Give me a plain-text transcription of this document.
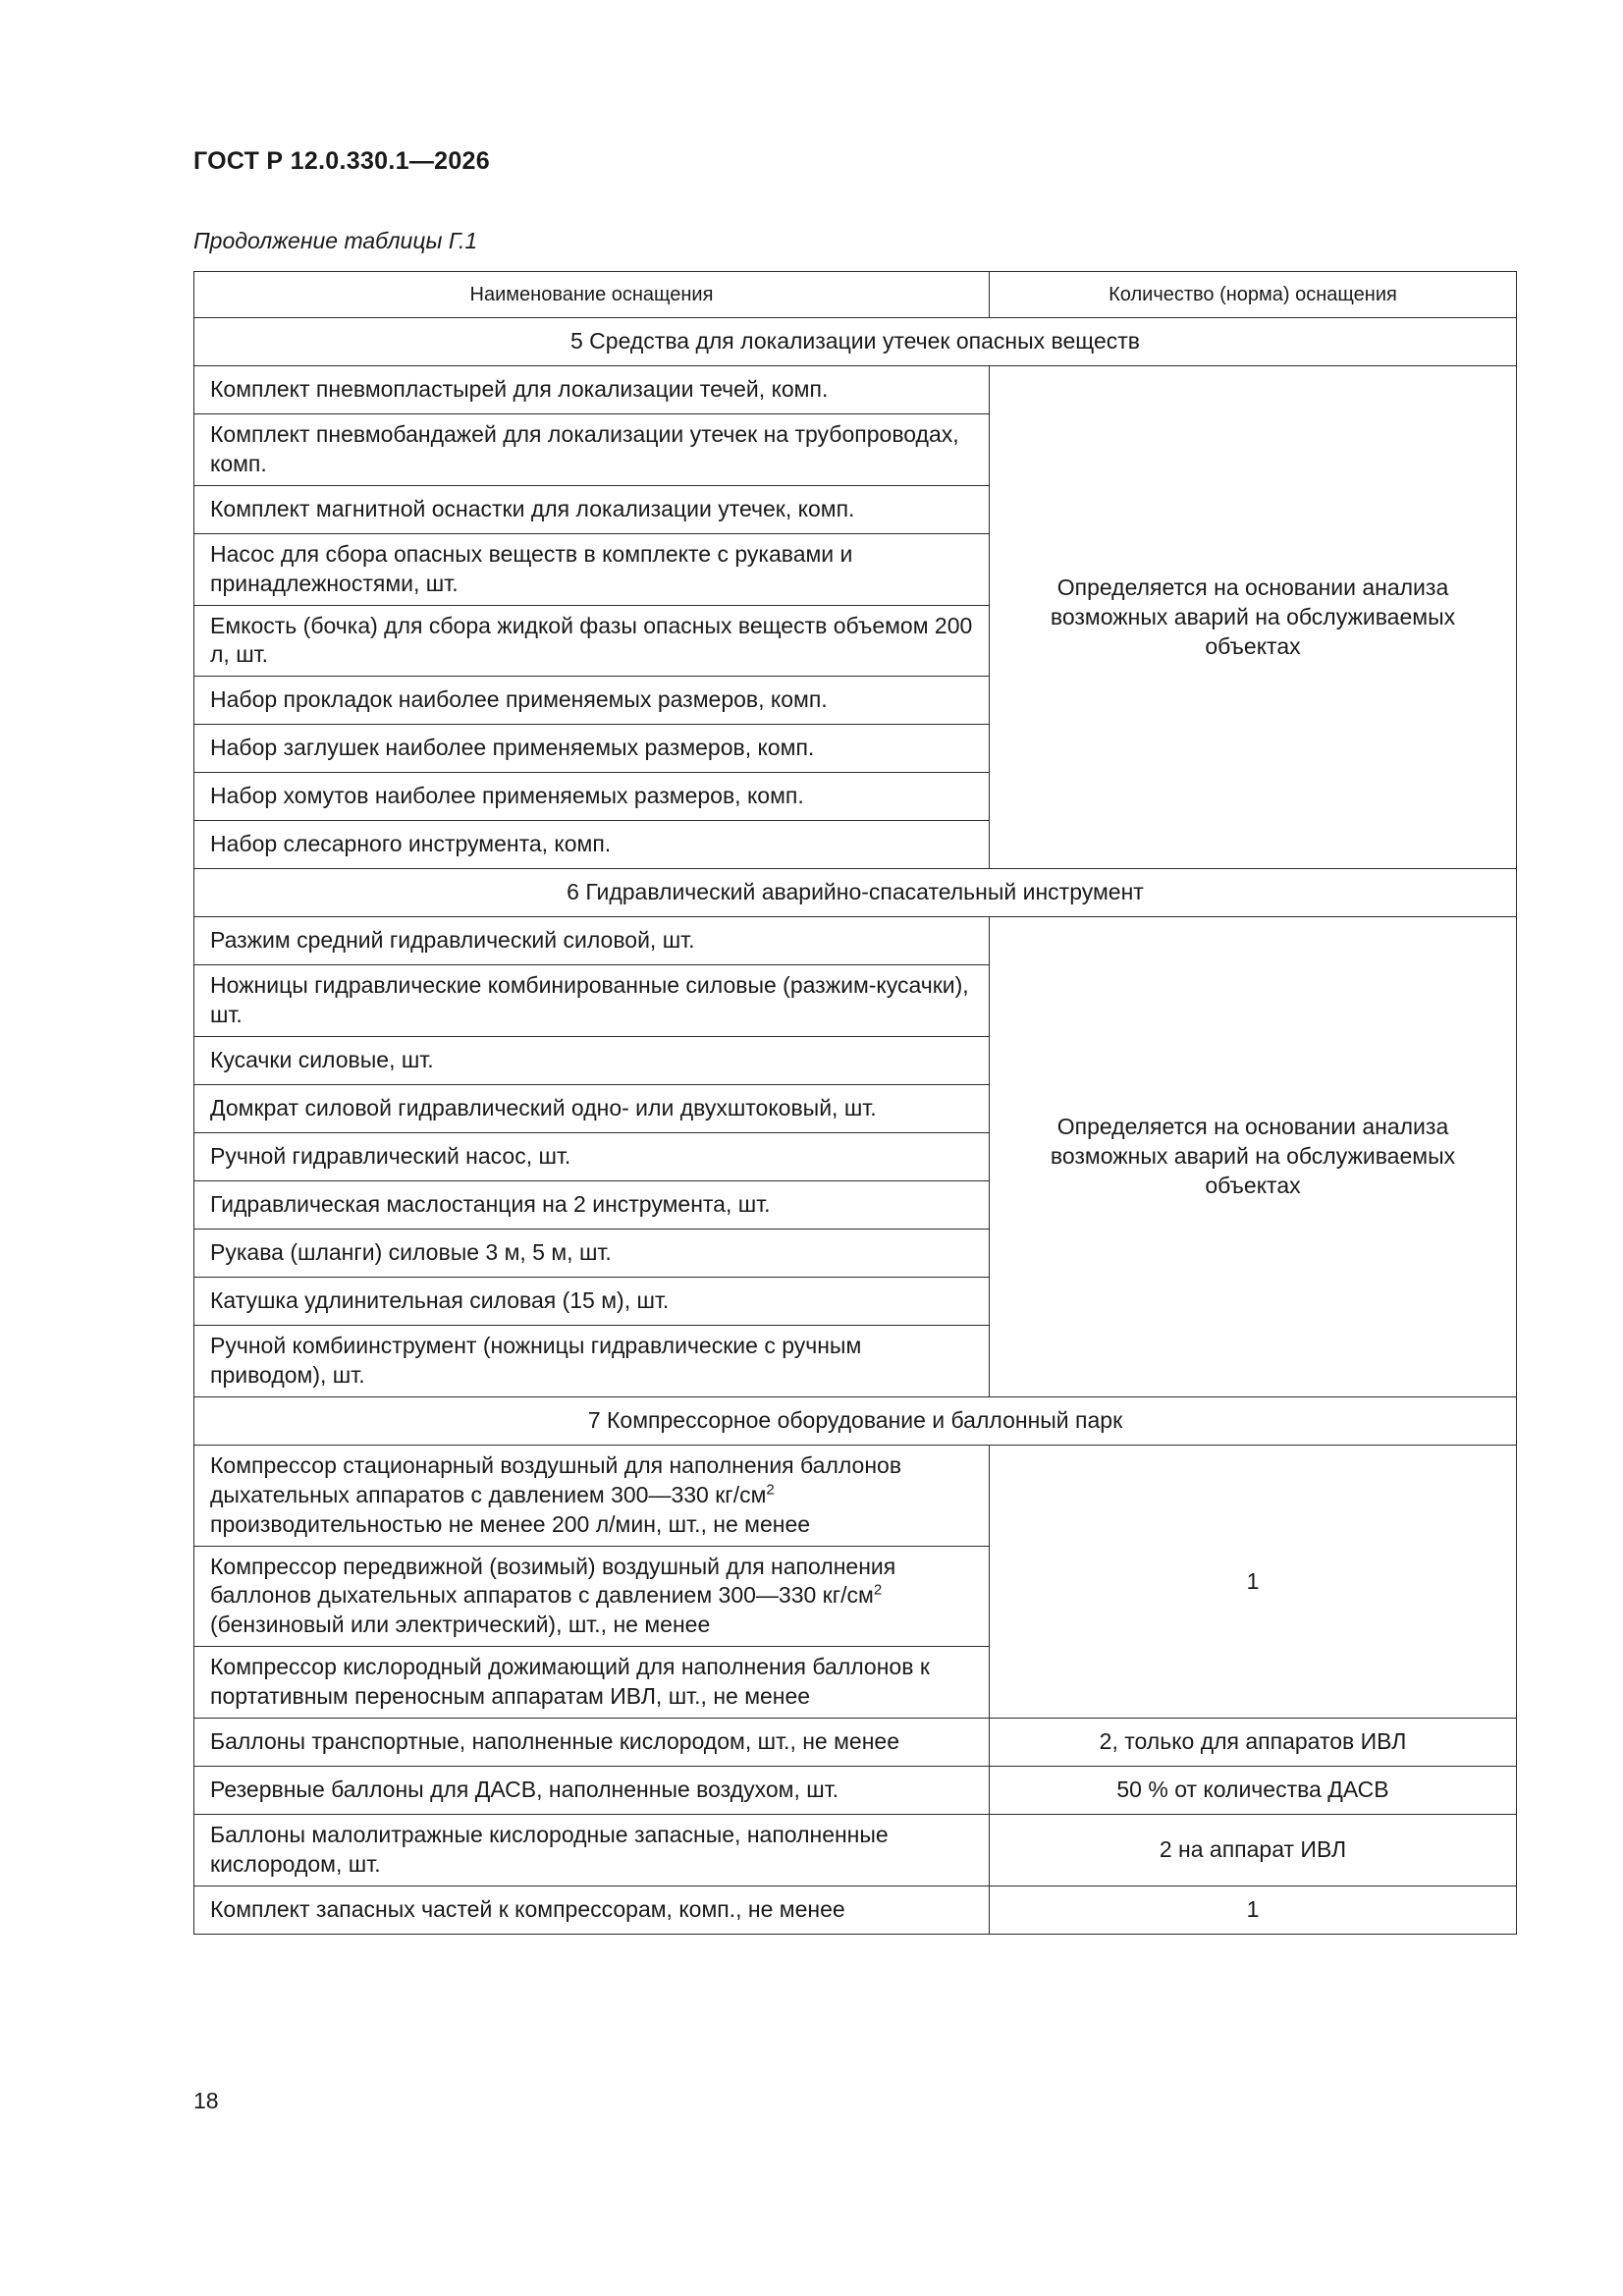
ГОСТ Р 12.0.330.1—2026
Продолжение таблицы Г.1
Наименование оснащения	Количество (норма) оснащения
5 Средства для локализации утечек опасных веществ	
Комплект пневмопластырей для локализации течей, комп.	Определяется на основании анализа возможных аварий на обслуживаемых объектах
Комплект пневмобандажей для локализации утечек на трубопроводах, комп.	
Комплект магнитной оснастки для локализации утечек, комп.	
Насос для сбора опасных веществ в комплекте с рукавами и принадлежностями, шт.	
Емкость (бочка) для сбора жидкой фазы опасных веществ объемом 200 л, шт.	
Набор прокладок наиболее применяемых размеров, комп.	
Набор заглушек наиболее применяемых размеров, комп.	
Набор хомутов наиболее применяемых размеров, комп.	
Набор слесарного инструмента, комп.	
6 Гидравлический аварийно-спасательный инструмент	
Разжим средний гидравлический силовой, шт.	Определяется на основании анализа возможных аварий на обслуживаемых объектах
Ножницы гидравлические комбинированные силовые (разжим-кусачки), шт.	
Кусачки силовые, шт.	
Домкрат силовой гидравлический одно- или двухштоковый, шт.	
Ручной гидравлический насос, шт.	
Гидравлическая маслостанция на 2 инструмента, шт.	
Рукава (шланги) силовые 3 м, 5 м, шт.	
Катушка удлинительная силовая (15 м), шт.	
Ручной комбиинструмент (ножницы гидравлические с ручным приводом), шт.	
7 Компрессорное оборудование и баллонный парк	
Компрессор стационарный воздушный для наполнения баллонов дыхательных аппаратов с давлением 300—330 $кг/см^2$ производительностью не менее 200 л/мин, шт., не менее	1
Компрессор передвижной (возимый) воздушный для наполнения баллонов дыхательных аппаратов с давлением 300—330 $кг/см^2$ (бензиновый или электрический), шт., не менее	
Компрессор кислородный дожимающий для наполнения баллонов к портативным переносным аппаратам ИВЛ, шт., не менее	
Баллоны транспортные, наполненные кислородом, шт., не менее	2, только для аппаратов ИВЛ
Резервные баллоны для ДАСВ, наполненные воздухом, шт.	50 % от количества ДАСВ
Баллоны малолитражные кислородные запасные, наполненные кислородом, шт.	2 на аппарат ИВЛ
Комплект запасных частей к компрессорам, комп., не менее	1
18
